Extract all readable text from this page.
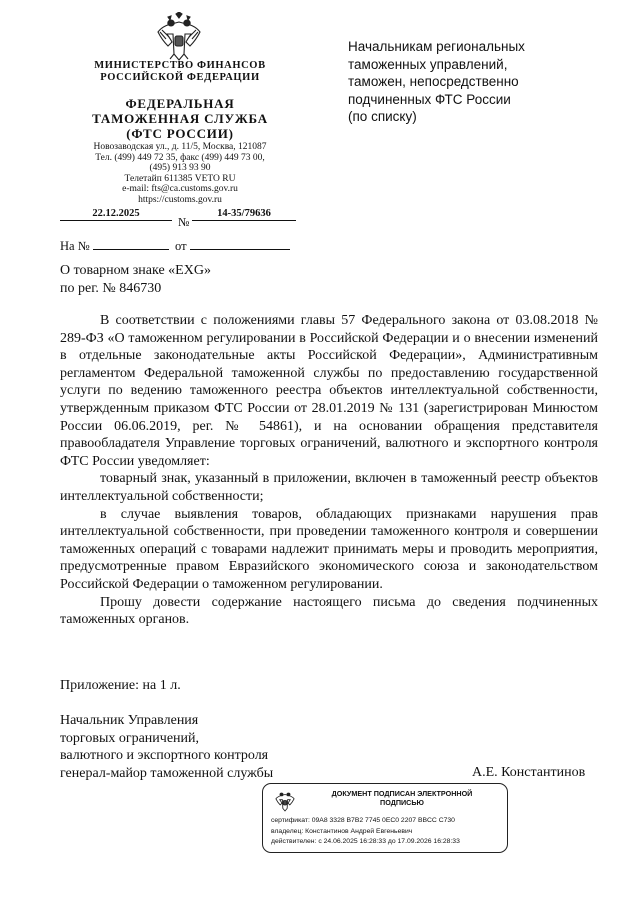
МИНИСТЕРСТВО ФИНАНСОВ
РОССИЙСКОЙ ФЕДЕРАЦИИ
ФЕДЕРАЛЬНАЯ
ТАМОЖЕННАЯ СЛУЖБА
(ФТС РОССИИ)
Новозаводская ул., д. 11/5, Москва, 121087
Тел. (499) 449 72 35, факс (499) 449 73 00,
(495) 913 93 90
Телетайп 611385 VETO RU
e-mail: fts@ca.customs.gov.ru
https://customs.gov.ru
22.12.2025
№
14-35/79636
На №	от
Начальникам региональных
таможенных управлений,
таможен, непосредственно
подчиненных ФТС России
(по списку)
О товарном знаке «EXG»
по рег. № 846730

В соответствии с положениями главы 57 Федерального закона от 03.08.2018 № 289-ФЗ «О таможенном регулировании в Российской Федерации и о внесении изменений в отдельные законодательные акты Российской Федерации», Административным регламентом Федеральной таможенной службы по предоставлению государственной услуги по ведению таможенного реестра объектов интеллектуальной собственности, утвержденным приказом ФТС России от 28.01.2019 № 131 (зарегистрирован Минюстом России 06.06.2019, рег. № 54861), и на основании обращения представителя правообладателя Управление торговых ограничений, валютного и экспортного контроля ФТС России уведомляет:

товарный знак, указанный в приложении, включен в таможенный реестр объектов интеллектуальной собственности;

в случае выявления товаров, обладающих признаками нарушения прав интеллектуальной собственности, при проведении таможенного контроля и совершении таможенных операций с товарами надлежит принимать меры и проводить мероприятия, предусмотренные правом Евразийского экономического союза и законодательством Российской Федерации о таможенном регулировании.

Прошу довести содержание настоящего письма до сведения подчиненных таможенных органов.

Приложение: на 1 л.
Начальник Управления
торговых ограничений,
валютного и экспортного контроля
генерал-майор таможенной службы	А.Е. Константинов
ДОКУМЕНТ ПОДПИСАН ЭЛЕКТРОННОЙ
ПОДПИСЬЮ
сертификат: 09A8 3328 B7B2 7745 0EC0 2207 BBCC C730
владелец: Константинов Андрей Евгеньевич
действителен: с 24.06.2025 16:28:33 до 17.09.2026 16:28:33
